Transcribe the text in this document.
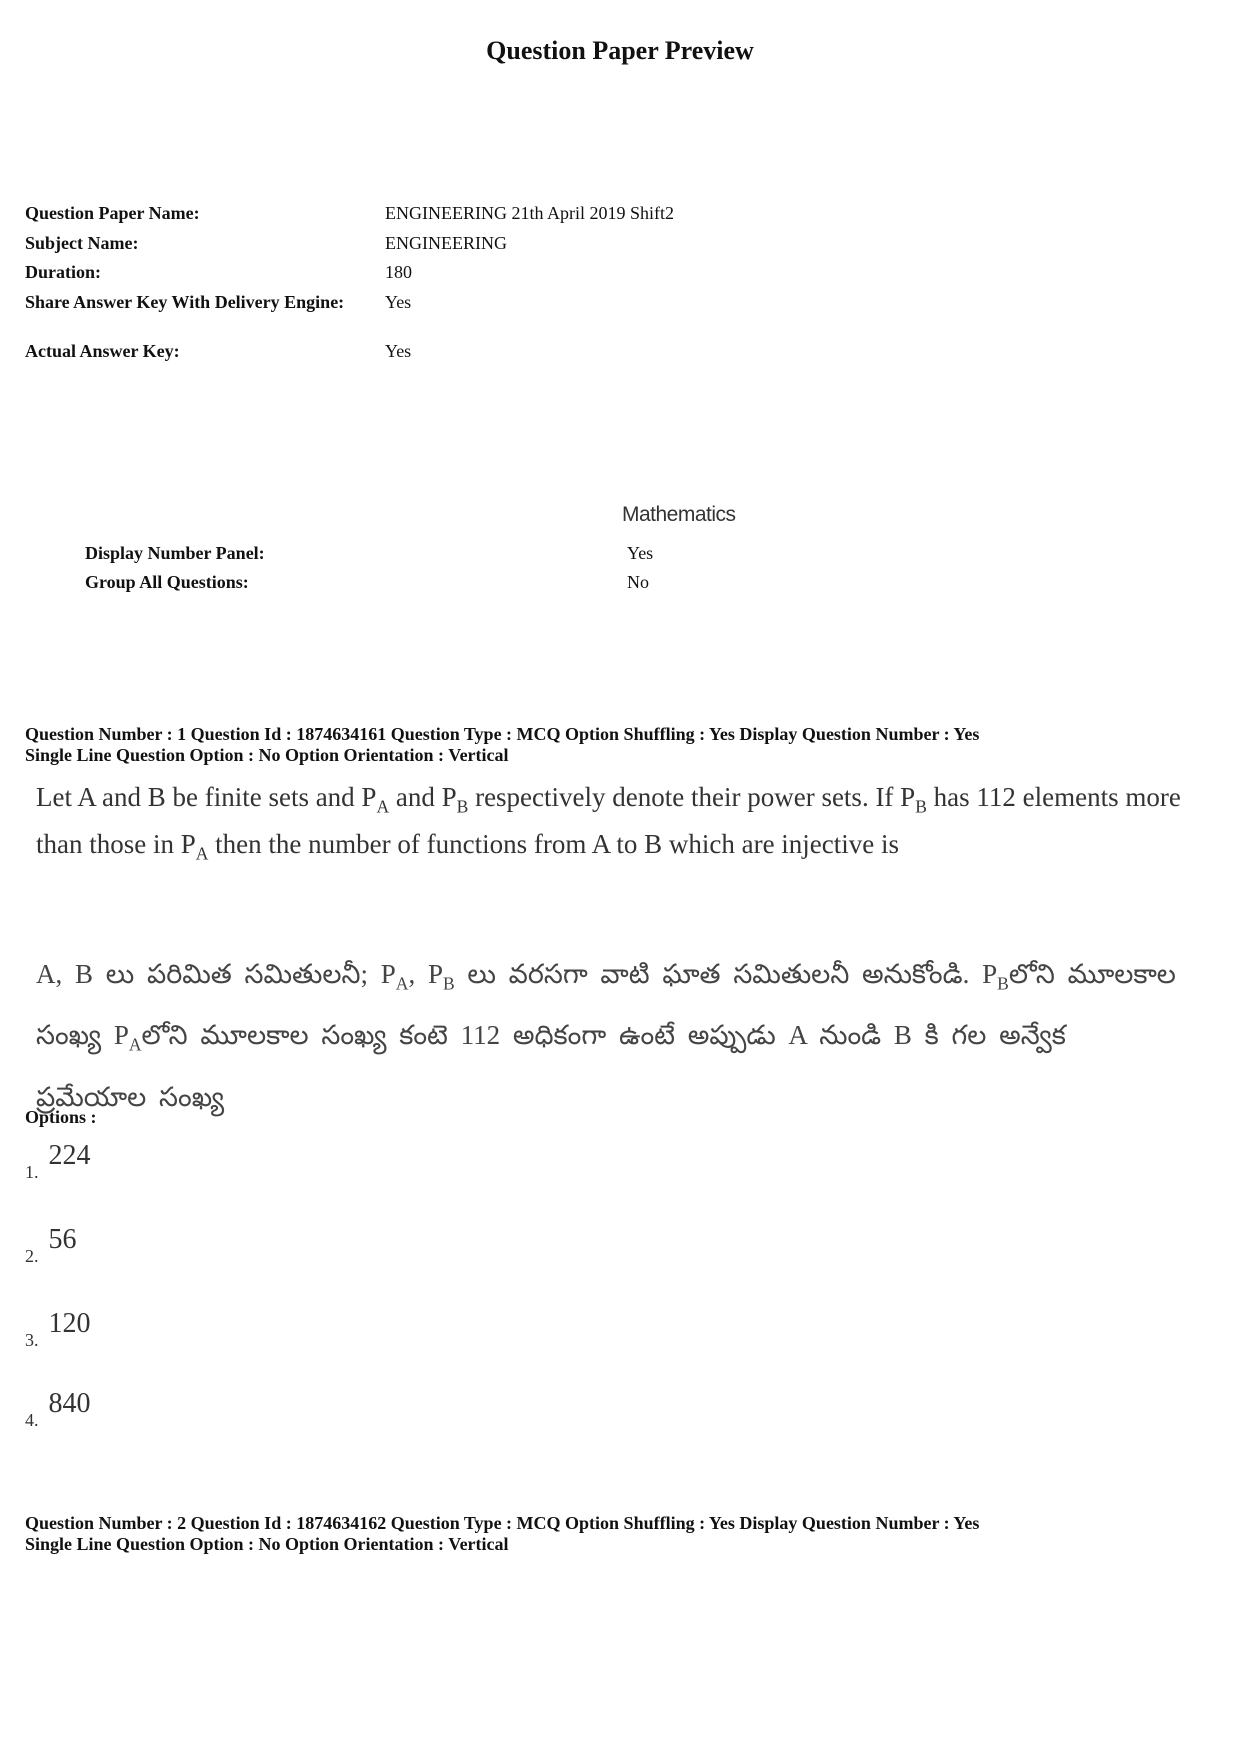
Question Paper Preview
Question Paper Name:	ENGINEERING 21th April 2019 Shift2
Subject Name:	ENGINEERING
Duration:	180
Share Answer Key With Delivery Engine: Yes
Actual Answer Key:	Yes
Mathematics
Display Number Panel:	Yes
Group All Questions:	No
Question Number : 1 Question Id : 1874634161 Question Type : MCQ Option Shuffling : Yes Display Question Number : Yes
Single Line Question Option : No Option Orientation : Vertical
Let A and B be finite sets and $P_A$ and $P_B$ respectively denote their power sets. If $P_B$ has 112 elements more than those in $P_A$ then the number of functions from A to B which are injective is
A, B లు పరిమిత సమితులనీ; $P_A$, $P_B$ లు వరసగా వాటి ఘాత సమితులనీ అనుకోండి. $P_Bలోని$ మూలకాల సంఖ్య $P_Aలోని$ మూలకాల సంఖ్య కంటె 112 అధికంగా ఉంటే అప్పుడు A నుండి B కి గల అన్వేక ప్రమేయాల సంఖ్య
Options :
1. 224
2. 56
3. 120
4. 840
Question Number : 2 Question Id : 1874634162 Question Type : MCQ Option Shuffling : Yes Display Question Number : Yes
Single Line Question Option : No Option Orientation : Vertical
